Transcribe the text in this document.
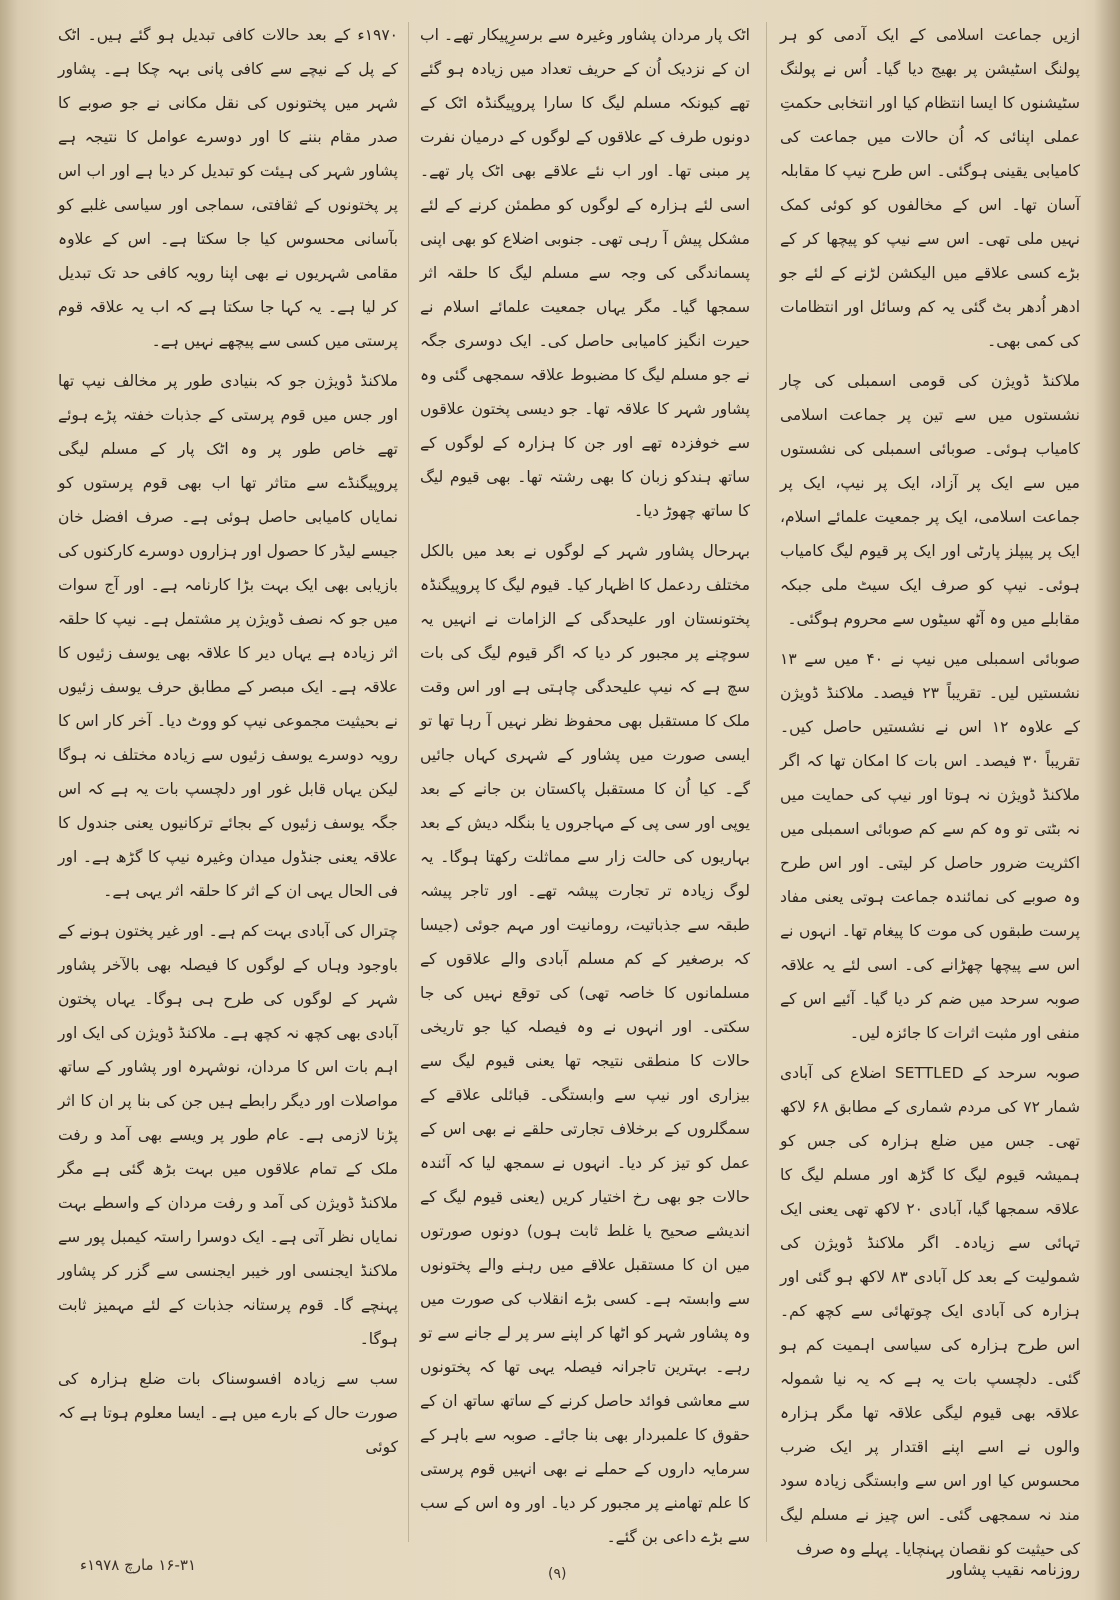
ازیں جماعت اسلامی کے ایک آدمی کو ہر پولنگ اسٹیشن پر بھیج دیا گیا۔ اُس نے پولنگ سٹیشنوں کا ایسا انتظام کیا اور انتخابی حکمتِ عملی اپنائی کہ اُن حالات میں جماعت کی کامیابی یقینی ہوگئی۔ اس طرح نیپ کا مقابلہ آسان تھا۔ اس کے مخالفوں کو کوئی کمک نہیں ملی تھی۔ اس سے نیپ کو پیچھا کر کے بڑے کسی علاقے میں الیکشن لڑنے کے لئے جو ادھر اُدھر بٹ گئی یہ کم وسائل اور انتظامات کی کمی بھی۔

ملاکنڈ ڈویژن کی قومی اسمبلی کی چار نشستوں میں سے تین پر جماعت اسلامی کامیاب ہوئی۔ صوبائی اسمبلی کی نشستوں میں سے ایک پر آزاد، ایک پر نیپ، ایک پر جماعت اسلامی، ایک پر جمعیت علمائے اسلام، ایک پر پیپلز پارٹی اور ایک پر قیوم لیگ کامیاب ہوئی۔ نیپ کو صرف ایک سیٹ ملی جبکہ مقابلے میں وہ آٹھ سیٹوں سے محروم ہوگئی۔

صوبائی اسمبلی میں نیپ نے ۴۰ میں سے ۱۳ نشستیں لیں۔ تقریباً ۲۳ فیصد۔ ملاکنڈ ڈویژن کے علاوہ ۱۲ اس نے نشستیں حاصل کیں۔ تقریباً ۳۰ فیصد۔ اس بات کا امکان تھا کہ اگر ملاکنڈ ڈویژن نہ ہوتا اور نیپ کی حمایت میں نہ بٹتی تو وہ کم سے کم صوبائی اسمبلی میں اکثریت ضرور حاصل کر لیتی۔ اور اس طرح وہ صوبے کی نمائندہ جماعت ہوتی یعنی مفاد پرست طبقوں کی موت کا پیغام تھا۔ انہوں نے اس سے پیچھا چھڑانے کی۔ اسی لئے یہ علاقہ صوبہ سرحد میں ضم کر دیا گیا۔ آئیے اس کے منفی اور مثبت اثرات کا جائزہ لیں۔

صوبہ سرحد کے SETTLED اضلاع کی آبادی شمار ۷۲ کی مردم شماری کے مطابق ۶۸ لاکھ تھی۔ جس میں ضلع ہزارہ کی جس کو ہمیشہ قیوم لیگ کا گڑھ اور مسلم لیگ کا علاقہ سمجھا گیا، آبادی ۲۰ لاکھ تھی یعنی ایک تہائی سے زیادہ۔ اگر ملاکنڈ ڈویژن کی شمولیت کے بعد کل آبادی ۸۳ لاکھ ہو گئی اور ہزارہ کی آبادی ایک چوتھائی سے کچھ کم۔ اس طرح ہزارہ کی سیاسی اہمیت کم ہو گئی۔ دلچسپ بات یہ ہے کہ یہ نیا شمولہ علاقہ بھی قیوم لیگی علاقہ تھا مگر ہزارہ والوں نے اسے اپنے اقتدار پر ایک ضرب محسوس کیا اور اس سے وابستگی زیادہ سود مند نہ سمجھی گئی۔ اس چیز نے مسلم لیگ کی حیثیت کو نقصان پہنچایا۔ پہلے وہ صرف

اٹک پار مردان پشاور وغیرہ سے برسرِپیکار تھے۔ اب ان کے نزدیک اُن کے حریف تعداد میں زیادہ ہو گئے تھے کیونکہ مسلم لیگ کا سارا پروپیگنڈہ اٹک کے دونوں طرف کے علاقوں کے لوگوں کے درمیان نفرت پر مبنی تھا۔ اور اب نئے علاقے بھی اٹک پار تھے۔ اسی لئے ہزارہ کے لوگوں کو مطمئن کرنے کے لئے مشکل پیش آ رہی تھی۔ جنوبی اضلاع کو بھی اپنی پسماندگی کی وجہ سے مسلم لیگ کا حلقہ اثر سمجھا گیا۔ مگر یہاں جمعیت علمائے اسلام نے حیرت انگیز کامیابی حاصل کی۔ ایک دوسری جگہ نے جو مسلم لیگ کا مضبوط علاقہ سمجھی گئی وہ پشاور شہر کا علاقہ تھا۔ جو دیسی پختون علاقوں سے خوفزدہ تھے اور جن کا ہزارہ کے لوگوں کے ساتھ ہندکو زبان کا بھی رشتہ تھا۔ بھی قیوم لیگ کا ساتھ چھوڑ دیا۔

بہرحال پشاور شہر کے لوگوں نے بعد میں بالکل مختلف ردعمل کا اظہار کیا۔ قیوم لیگ کا پروپیگنڈہ پختونستان اور علیحدگی کے الزامات نے انہیں یہ سوچنے پر مجبور کر دیا کہ اگر قیوم لیگ کی بات سچ ہے کہ نیپ علیحدگی چاہتی ہے اور اس وقت ملک کا مستقبل بھی محفوظ نظر نہیں آ رہا تھا تو ایسی صورت میں پشاور کے شہری کہاں جائیں گے۔ کیا اُن کا مستقبل پاکستان بن جانے کے بعد یوپی اور سی پی کے مہاجروں یا بنگلہ دیش کے بعد بہاریوں کی حالت زار سے مماثلت رکھتا ہوگا۔ یہ لوگ زیادہ تر تجارت پیشہ تھے۔ اور تاجر پیشہ طبقہ سے جذباتیت، رومانیت اور مہم جوئی (جیسا کہ برصغیر کے کم مسلم آبادی والے علاقوں کے مسلمانوں کا خاصہ تھی) کی توقع نہیں کی جا سکتی۔ اور انہوں نے وہ فیصلہ کیا جو تاریخی حالات کا منطقی نتیجہ تھا یعنی قیوم لیگ سے بیزاری اور نیپ سے وابستگی۔ قبائلی علاقے کے سمگلروں کے برخلاف تجارتی حلقے نے بھی اس کے عمل کو تیز کر دیا۔ انہوں نے سمجھ لیا کہ آئندہ حالات جو بھی رخ اختیار کریں (یعنی قیوم لیگ کے اندیشے صحیح یا غلط ثابت ہوں) دونوں صورتوں میں ان کا مستقبل علاقے میں رہنے والے پختونوں سے وابستہ ہے۔ کسی بڑے انقلاب کی صورت میں وہ پشاور شہر کو اٹھا کر اپنے سر پر لے جانے سے تو رہے۔ بہترین تاجرانہ فیصلہ یہی تھا کہ پختونوں سے معاشی فوائد حاصل کرنے کے ساتھ ساتھ ان کے حقوق کا علمبردار بھی بنا جائے۔ صوبہ سے باہر کے سرمایہ داروں کے حملے نے بھی انہیں قوم پرستی کا علم تھامنے پر مجبور کر دیا۔ اور وہ اس کے سب سے بڑے داعی بن گئے۔

۱۹۷۰ء کے بعد حالات کافی تبدیل ہو گئے ہیں۔ اٹک کے پل کے نیچے سے کافی پانی بہہ چکا ہے۔ پشاور شہر میں پختونوں کی نقل مکانی نے جو صوبے کا صدر مقام بننے کا اور دوسرے عوامل کا نتیجہ ہے پشاور شہر کی ہیئت کو تبدیل کر دیا ہے اور اب اس پر پختونوں کے ثقافتی، سماجی اور سیاسی غلبے کو بآسانی محسوس کیا جا سکتا ہے۔ اس کے علاوہ مقامی شہریوں نے بھی اپنا رویہ کافی حد تک تبدیل کر لیا ہے۔ یہ کہا جا سکتا ہے کہ اب یہ علاقہ قوم پرستی میں کسی سے پیچھے نہیں ہے۔

ملاکنڈ ڈویژن جو کہ بنیادی طور پر مخالف نیپ تھا اور جس میں قوم پرستی کے جذبات خفتہ پڑے ہوئے تھے خاص طور پر وہ اٹک پار کے مسلم لیگی پروپیگنڈے سے متاثر تھا اب بھی قوم پرستوں کو نمایاں کامیابی حاصل ہوئی ہے۔ صرف افضل خان جیسے لیڈر کا حصول اور ہزاروں دوسرے کارکنوں کی بازیابی بھی ایک بہت بڑا کارنامہ ہے۔ اور آج سوات میں جو کہ نصف ڈویژن پر مشتمل ہے۔ نیپ کا حلقہ اثر زیادہ ہے یہاں دیر کا علاقہ بھی یوسف زئیوں کا علاقہ ہے۔ ایک مبصر کے مطابق حرف یوسف زئیوں نے بحیثیت مجموعی نیپ کو ووٹ دیا۔ آخر کار اس کا رویہ دوسرے یوسف زئیوں سے زیادہ مختلف نہ ہوگا لیکن یہاں قابل غور اور دلچسپ بات یہ ہے کہ اس جگہ یوسف زئیوں کے بجائے ترکانیوں یعنی جندول کا علاقہ یعنی جنڈول میدان وغیرہ نیپ کا گڑھ ہے۔ اور فی الحال یہی ان کے اثر کا حلقہ اثر یہی ہے۔

چترال کی آبادی بہت کم ہے۔ اور غیر پختون ہونے کے باوجود وہاں کے لوگوں کا فیصلہ بھی بالآخر پشاور شہر کے لوگوں کی طرح ہی ہوگا۔ یہاں پختون آبادی بھی کچھ نہ کچھ ہے۔ ملاکنڈ ڈویژن کی ایک اور اہم بات اس کا مردان، نوشہرہ اور پشاور کے ساتھ مواصلات اور دیگر رابطے ہیں جن کی بنا پر ان کا اثر پڑنا لازمی ہے۔ عام طور پر ویسے بھی آمد و رفت ملک کے تمام علاقوں میں بہت بڑھ گئی ہے مگر ملاکنڈ ڈویژن کی آمد و رفت مردان کے واسطے بہت نمایاں نظر آتی ہے۔ ایک دوسرا راستہ کیمبل پور سے ملاکنڈ ایجنسی اور خیبر ایجنسی سے گزر کر پشاور پہنچے گا۔ قوم پرستانہ جذبات کے لئے مہمیز ثابت ہوگا۔

سب سے زیادہ افسوسناک بات ضلع ہزارہ کی صورت حال کے بارے میں ہے۔ ایسا معلوم ہوتا ہے کہ کوئی

۱۶-۳۱ مارچ ۱۹۷۸ء	(۹)	روزنامہ نقیب پشاور
